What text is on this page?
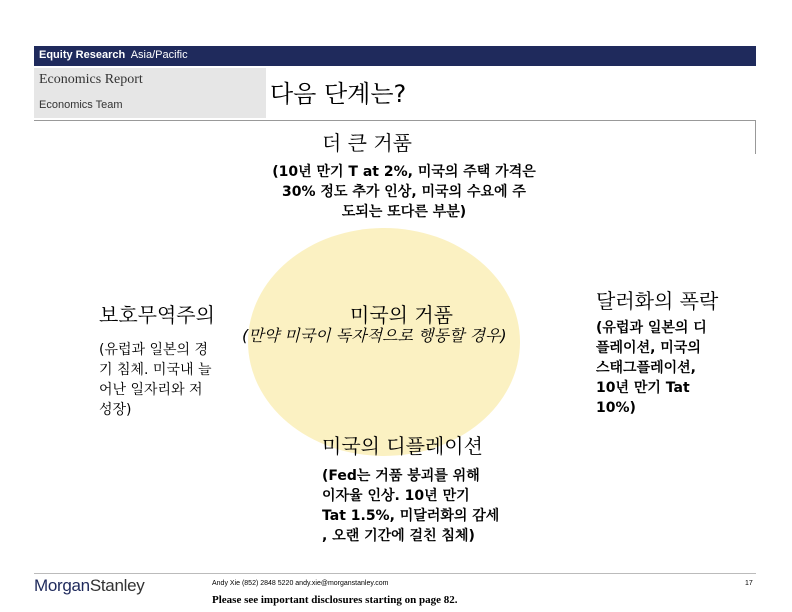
Equity Research Asia/Pacific
Economics Report
Economics Team	다음 단계는?
더 큰 거품
(10년 만기 T at 2%, 미국의 주택 가격은
30% 정도 추가 인상, 미국의 수요에 주
도되는 또다른 부분)
보호무역주의
(유럽과 일본의 경
기 침체. 미국내 늘
어난 일자리와 저
성장)
미국의 거품
(만약 미국이 독자적으로 행동할 경우)
달러화의 폭락
(유럽과 일본의 디
플레이션, 미국의
스태그플레이션,
10년 만기 Tat
10%)
미국의 디플레이션
(Fed는 거품 붕괴를 위해
이자율 인상. 10년 만기
Tat 1.5%, 미달러화의 감세
, 오랜 기간에 걸친 침체)
MorganStanley	Andy Xie (852) 2848 5220 andy.xie@morganstanley.com
Please see important disclosures starting on page 82.
17
